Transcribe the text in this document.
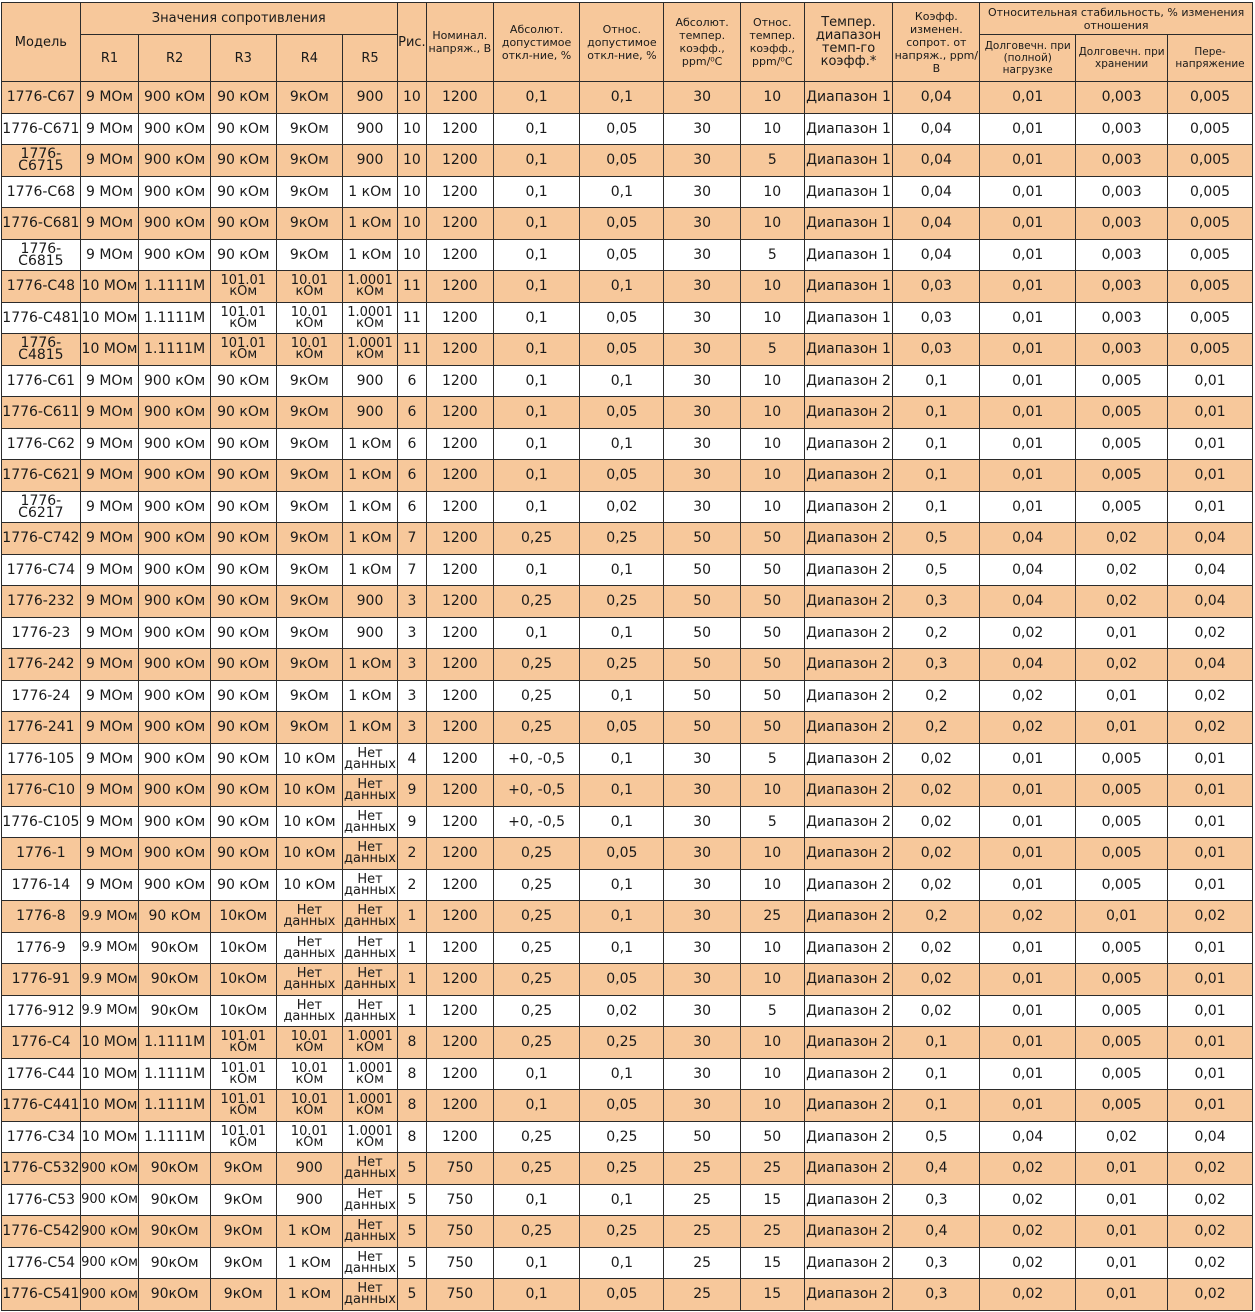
Модель	Значения сопротивления					Рис.	Номинал. напряж., В	Абсолют. допустимое откл-ние, %	Относ. допустимое откл-ние, %	Абсолют. темпер. коэфф., ppm/⁰C	Относ. темпер. коэфф., ppm/⁰C	Темпер. диапазон темп-го коэфф.*	Коэфф. изменен. сопрот. от напряж., ppm/В	Относительная стабильность, % изменения отношения		
	R1	R2	R3	R4	R5									Долговечн. при (полной) нагрузке	Долговечн. при хранении	Пере-напряжение
1776-C67	9 MОм	900 кОм	90 кОм	9кОм	900	10	1200	0,1	0,1	30	10	Диапазон 1	0,04	0,01	0,003	0,005
1776-C671	9 MОм	900 кОм	90 кОм	9кОм	900	10	1200	0,1	0,05	30	10	Диапазон 1	0,04	0,01	0,003	0,005
1776-C6715	9 MОм	900 кОм	90 кОм	9кОм	900	10	1200	0,1	0,05	30	5	Диапазон 1	0,04	0,01	0,003	0,005
1776-C68	9 MОм	900 кОм	90 кОм	9кОм	1 кОм	10	1200	0,1	0,1	30	10	Диапазон 1	0,04	0,01	0,003	0,005
1776-C681	9 MОм	900 кОм	90 кОм	9кОм	1 кОм	10	1200	0,1	0,05	30	10	Диапазон 1	0,04	0,01	0,003	0,005
1776-C6815	9 MОм	900 кОм	90 кОм	9кОм	1 кОм	10	1200	0,1	0,05	30	5	Диапазон 1	0,04	0,01	0,003	0,005
1776-C48	10 MОм	1.1111M	101.01 кОм	10.01 кОм	1.0001 кОм	11	1200	0,1	0,1	30	10	Диапазон 1	0,03	0,01	0,003	0,005
1776-C481	10 MОм	1.1111M	101.01 кОм	10.01 кОм	1.0001 кОм	11	1200	0,1	0,05	30	10	Диапазон 1	0,03	0,01	0,003	0,005
1776-C4815	10 MОм	1.1111M	101.01 кОм	10.01 кОм	1.0001 кОм	11	1200	0,1	0,05	30	5	Диапазон 1	0,03	0,01	0,003	0,005
1776-C61	9 MОм	900 кОм	90 кОм	9кОм	900	6	1200	0,1	0,1	30	10	Диапазон 2	0,1	0,01	0,005	0,01
1776-C611	9 MОм	900 кОм	90 кОм	9кОм	900	6	1200	0,1	0,05	30	10	Диапазон 2	0,1	0,01	0,005	0,01
1776-C62	9 MОм	900 кОм	90 кОм	9кОм	1 кОм	6	1200	0,1	0,1	30	10	Диапазон 2	0,1	0,01	0,005	0,01
1776-C621	9 MОм	900 кОм	90 кОм	9кОм	1 кОм	6	1200	0,1	0,05	30	10	Диапазон 2	0,1	0,01	0,005	0,01
1776-C6217	9 MОм	900 кОм	90 кОм	9кОм	1 кОм	6	1200	0,1	0,02	30	10	Диапазон 2	0,1	0,01	0,005	0,01
1776-C742	9 MОм	900 кОм	90 кОм	9кОм	1 кОм	7	1200	0,25	0,25	50	50	Диапазон 2	0,5	0,04	0,02	0,04
1776-C74	9 MОм	900 кОм	90 кОм	9кОм	1 кОм	7	1200	0,1	0,1	50	50	Диапазон 2	0,5	0,04	0,02	0,04
1776-232	9 MОм	900 кОм	90 кОм	9кОм	900	3	1200	0,25	0,25	50	50	Диапазон 2	0,3	0,04	0,02	0,04
1776-23	9 MОм	900 кОм	90 кОм	9кОм	900	3	1200	0,1	0,1	50	50	Диапазон 2	0,2	0,02	0,01	0,02
1776-242	9 MОм	900 кОм	90 кОм	9кОм	1 кОм	3	1200	0,25	0,25	50	50	Диапазон 2	0,3	0,04	0,02	0,04
1776-24	9 MОм	900 кОм	90 кОм	9кОм	1 кОм	3	1200	0,25	0,1	50	50	Диапазон 2	0,2	0,02	0,01	0,02
1776-241	9 MОм	900 кОм	90 кОм	9кОм	1 кОм	3	1200	0,25	0,05	50	50	Диапазон 2	0,2	0,02	0,01	0,02
1776-105	9 MОм	900 кОм	90 кОм	10 кОм	Нет данных	4	1200	+0, -0,5	0,1	30	5	Диапазон 2	0,02	0,01	0,005	0,01
1776-C10	9 MОм	900 кОм	90 кОм	10 кОм	Нет данных	9	1200	+0, -0,5	0,1	30	10	Диапазон 2	0,02	0,01	0,005	0,01
1776-C105	9 MОм	900 кОм	90 кОм	10 кОм	Нет данных	9	1200	+0, -0,5	0,1	30	5	Диапазон 2	0,02	0,01	0,005	0,01
1776-1	9 MОм	900 кОм	90 кОм	10 кОм	Нет данных	2	1200	0,25	0,05	30	10	Диапазон 2	0,02	0,01	0,005	0,01
1776-14	9 MОм	900 кОм	90 кОм	10 кОм	Нет данных	2	1200	0,25	0,1	30	10	Диапазон 2	0,02	0,01	0,005	0,01
1776-8	9.9 MОм	90 кОм	10кОм	Нет данных	Нет данных	1	1200	0,25	0,1	30	25	Диапазон 2	0,2	0,02	0,01	0,02
1776-9	9.9 MОм	90кОм	10кОм	Нет данных	Нет данных	1	1200	0,25	0,1	30	10	Диапазон 2	0,02	0,01	0,005	0,01
1776-91	9.9 MОм	90кОм	10кОм	Нет данных	Нет данных	1	1200	0,25	0,05	30	10	Диапазон 2	0,02	0,01	0,005	0,01
1776-912	9.9 MОм	90кОм	10кОм	Нет данных	Нет данных	1	1200	0,25	0,02	30	5	Диапазон 2	0,02	0,01	0,005	0,01
1776-C4	10 MОм	1.1111M	101.01 кОм	10.01 кОм	1.0001 кОм	8	1200	0,25	0,25	30	10	Диапазон 2	0,1	0,01	0,005	0,01
1776-C44	10 MОм	1.1111M	101.01 кОм	10.01 кОм	1.0001 кОм	8	1200	0,1	0,1	30	10	Диапазон 2	0,1	0,01	0,005	0,01
1776-C441	10 MОм	1.1111M	101.01 кОм	10.01 кОм	1.0001 кОм	8	1200	0,1	0,05	30	10	Диапазон 2	0,1	0,01	0,005	0,01
1776-C34	10 MОм	1.1111M	101.01 кОм	10.01 кОм	1.0001 кОм	8	1200	0,25	0,25	50	50	Диапазон 2	0,5	0,04	0,02	0,04
1776-C532	900 кОм	90кОм	9кОм	900	Нет данных	5	750	0,25	0,25	25	25	Диапазон 2	0,4	0,02	0,01	0,02
1776-C53	900 кОм	90кОм	9кОм	900	Нет данных	5	750	0,1	0,1	25	15	Диапазон 2	0,3	0,02	0,01	0,02
1776-C542	900 кОм	90кОм	9кОм	1 кОм	Нет данных	5	750	0,25	0,25	25	25	Диапазон 2	0,4	0,02	0,01	0,02
1776-C54	900 кОм	90кОм	9кОм	1 кОм	Нет данных	5	750	0,1	0,1	25	15	Диапазон 2	0,3	0,02	0,01	0,02
1776-C541	900 кОм	90кОм	9кОм	1 кОм	Нет данных	5	750	0,1	0,05	25	15	Диапазон 2	0,3	0,02	0,01	0,02
